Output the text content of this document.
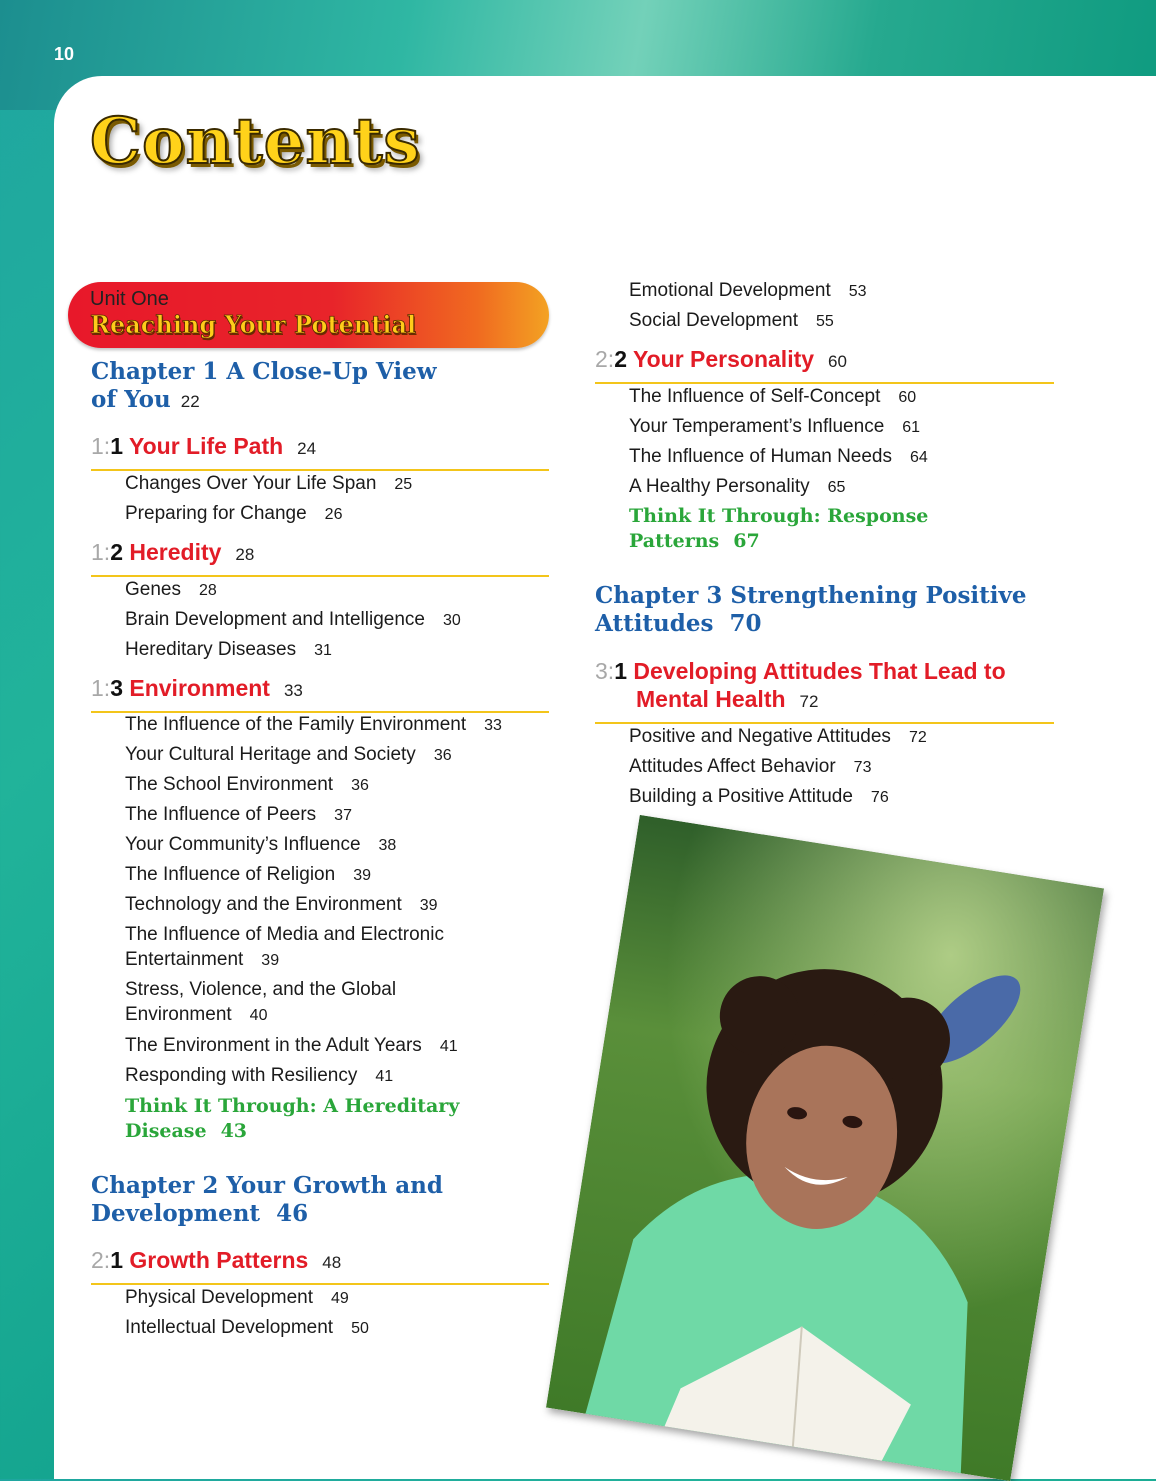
10
Contents
Unit One
Reaching Your Potential
Chapter 1 A Close-Up View
of You 22
1:1 Your Life Path 24
Changes Over Your Life Span 25
Preparing for Change 26
1:2 Heredity 28
Genes 28
Brain Development and Intelligence 30
Hereditary Diseases 31
1:3 Environment 33
The Influence of the Family Environment 33
Your Cultural Heritage and Society 36
The School Environment 36
The Influence of Peers 37
Your Community’s Influence 38
The Influence of Religion 39
Technology and the Environment 39
The Influence of Media and Electronic
Entertainment 39
Stress, Violence, and the Global
Environment 40
The Environment in the Adult Years 41
Responding with Resiliency 41
Think It Through: A Hereditary
Disease 43
Chapter 2 Your Growth and
Development 46
2:1 Growth Patterns 48
Physical Development 49
Intellectual Development 50
Emotional Development 53
Social Development 55
2:2 Your Personality 60
The Influence of Self-Concept 60
Your Temperament’s Influence 61
The Influence of Human Needs 64
A Healthy Personality 65
Think It Through: Response
Patterns 67
Chapter 3 Strengthening Positive
Attitudes 70
3:1 Developing Attitudes That Lead to
Mental Health 72
Positive and Negative Attitudes 72
Attitudes Affect Behavior 73
Building a Positive Attitude 76
